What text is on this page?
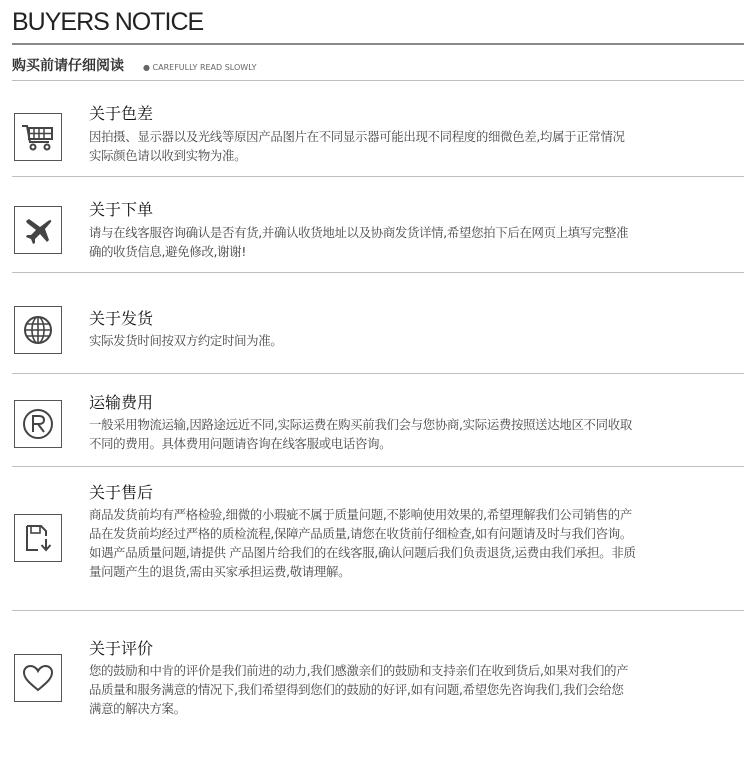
BUYERS NOTICE
购买前请仔细阅读 ● CAREFULLY READ SLOWLY
关于色差
因拍摄、显示器以及光线等原因产品图片在不同显示器可能出现不同程度的细微色差,均属于正常情况
实际颜色请以收到实物为准。
关于下单
请与在线客服咨询确认是否有货,并确认收货地址以及协商发货详情,希望您拍下后在网页上填写完整准
确的收货信息,避免修改,谢谢!
关于发货
实际发货时间按双方约定时间为准。
运输费用
一般采用物流运输,因路途远近不同,实际运费在购买前我们会与您协商,实际运费按照送达地区不同收取
不同的费用。具体费用问题请咨询在线客服或电话咨询。
关于售后
商品发货前均有严格检验,细微的小瑕疵不属于质量问题,不影响使用效果的,希望理解我们公司销售的产
品在发货前均经过严格的质检流程,保障产品质量,请您在收货前仔细检查,如有问题请及时与我们咨询。
如遇产品质量问题,请提供 产品图片给我们的在线客服,确认问题后我们负责退货,运费由我们承担。非质
量问题产生的退货,需由买家承担运费,敬请理解。
关于评价
您的鼓励和中肯的评价是我们前进的动力,我们感激亲们的鼓励和支持亲们在收到货后,如果对我们的产
品质量和服务满意的情况下,我们希望得到您们的鼓励的好评,如有问题,希望您先咨询我们,我们会给您
满意的解决方案。
